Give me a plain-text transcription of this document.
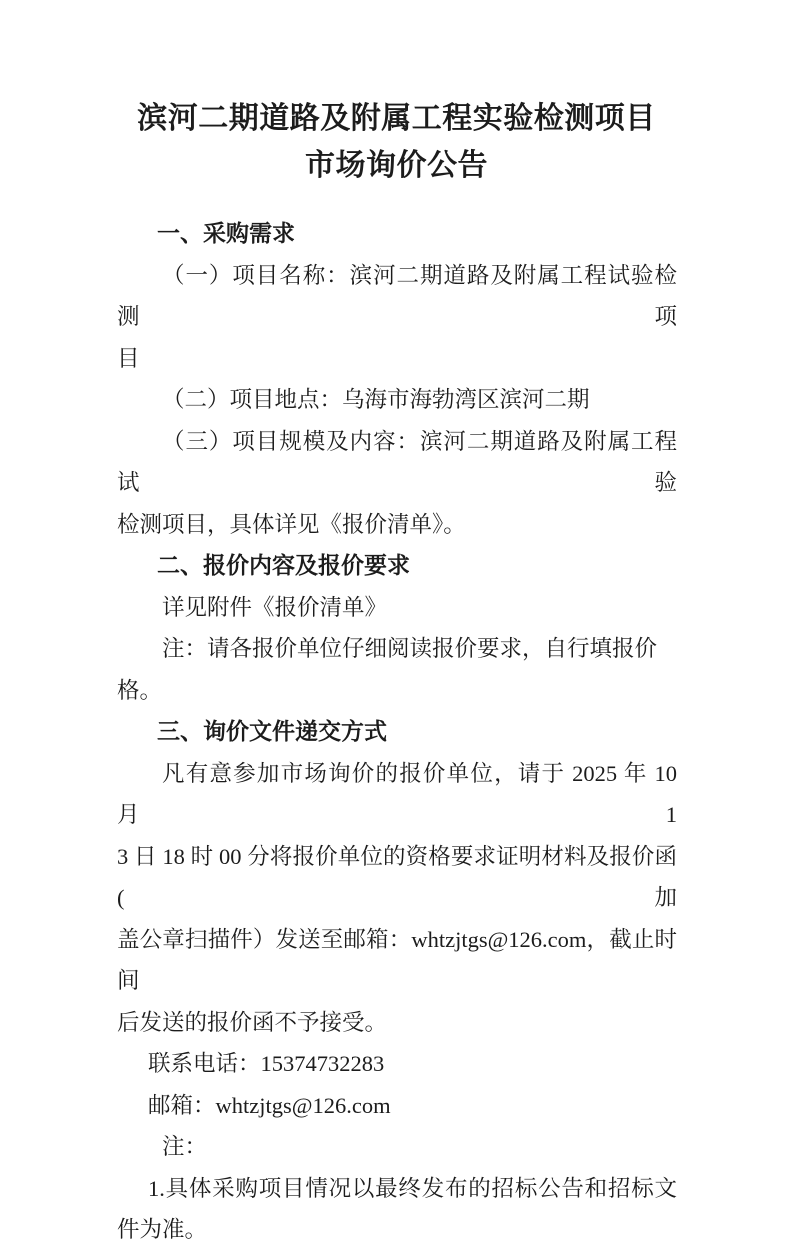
滨河二期道路及附属工程实验检测项目
市场询价公告
一、采购需求
（一）项目名称：滨河二期道路及附属工程试验检测项
目
（二）项目地点：乌海市海勃湾区滨河二期
（三）项目规模及内容：滨河二期道路及附属工程试验
检测项目，具体详见《报价清单》。
二、报价内容及报价要求
详见附件《报价清单》
注：请各报价单位仔细阅读报价要求，自行填报价格。
三、询价文件递交方式
凡有意参加市场询价的报价单位，请于 2025 年 10 月 1
3 日 18 时 00 分将报价单位的资格要求证明材料及报价函(加
盖公章扫描件）发送至邮箱：whtzjtgs@126.com，截止时间
后发送的报价函不予接受。
联系电话：15374732283
邮箱：whtzjtgs@126.com
注：
1.具体采购项目情况以最终发布的招标公告和招标文
件为准。
